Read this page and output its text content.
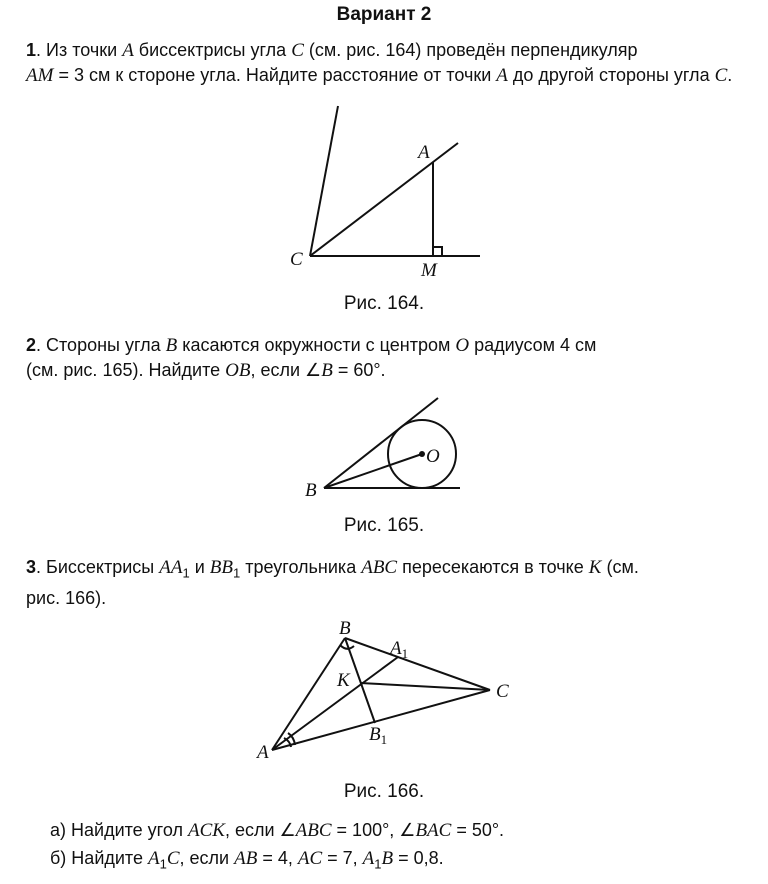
Вариант 2
1. Из точки A биссектрисы угла C (см. рис. 164) проведён перпендикуляр
AM = 3 см к стороне угла. Найдите расстояние от точки A до другой стороны угла C.
C
A
M
Рис. 164.
2. Стороны угла B касаются окружности с центром O радиусом 4 см
(см. рис. 165). Найдите OB, если ∠B = 60°.
B
O
Рис. 165.
3. Биссектрисы $AA_1$ и $BB_1$ треугольника ABC пересекаются в точке K (см.
рис. 166).
B
$A_1$
K
C
$B_1$
A
Рис. 166.
а) Найдите угол ACK, если ∠ABC = 100°, ∠BAC = 50°.
б) Найдите $A_1C$, если AB = 4, AC = 7, $A_1B = 0,8$.
